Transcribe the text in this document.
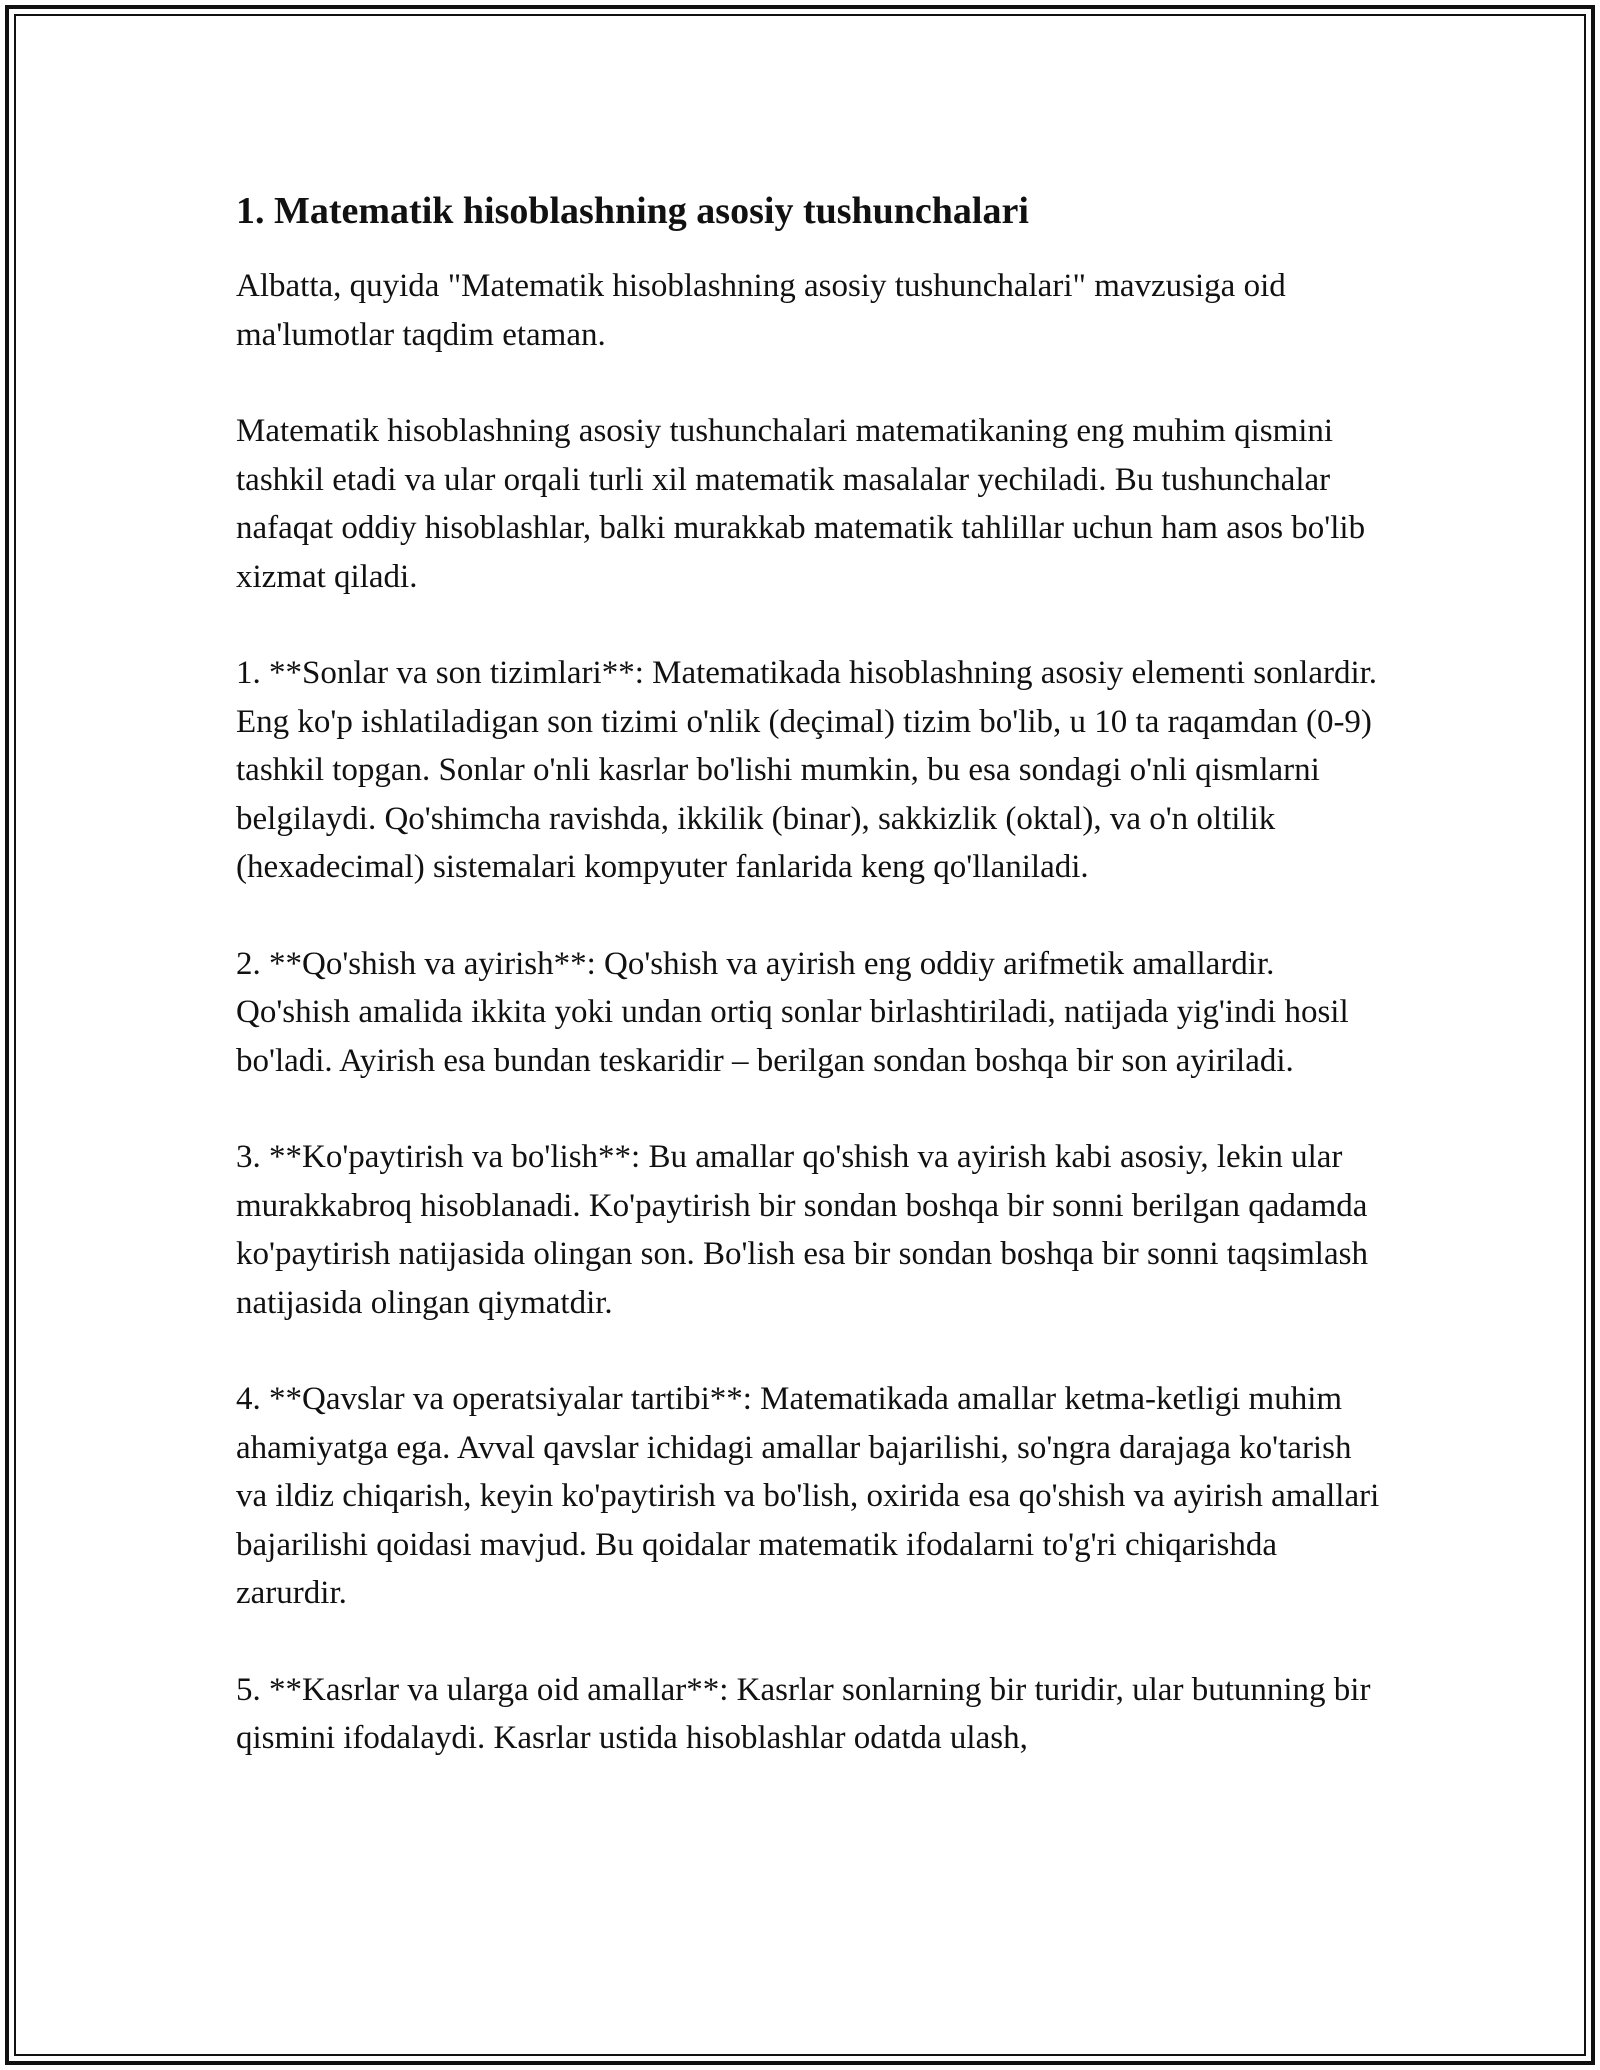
1. Matematik hisoblashning asosiy tushunchalari

Albatta, quyida "Matematik hisoblashning asosiy tushunchalari" mavzusiga oid ma'lumotlar taqdim etaman.

Matematik hisoblashning asosiy tushunchalari matematikaning eng muhim qismini tashkil etadi va ular orqali turli xil matematik masalalar yechiladi. Bu tushunchalar nafaqat oddiy hisoblashlar, balki murakkab matematik tahlillar uchun ham asos bo'lib xizmat qiladi.

1. **Sonlar va son tizimlari**: Matematikada hisoblashning asosiy elementi sonlardir. Eng ko'p ishlatiladigan son tizimi o'nlik (deçimal) tizim bo'lib, u 10 ta raqamdan (0-9) tashkil topgan. Sonlar o'nli kasrlar bo'lishi mumkin, bu esa sondagi o'nli qismlarni belgilaydi. Qo'shimcha ravishda, ikkilik (binar), sakkizlik (oktal), va o'n oltilik (hexadecimal) sistemalari kompyuter fanlarida keng qo'llaniladi.

2. **Qo'shish va ayirish**: Qo'shish va ayirish eng oddiy arifmetik amallardir. Qo'shish amalida ikkita yoki undan ortiq sonlar birlashtiriladi, natijada yig'indi hosil bo'ladi. Ayirish esa bundan teskaridir – berilgan sondan boshqa bir son ayiriladi.

3. **Ko'paytirish va bo'lish**: Bu amallar qo'shish va ayirish kabi asosiy, lekin ular murakkabroq hisoblanadi. Ko'paytirish bir sondan boshqa bir sonni berilgan qadamda ko'paytirish natijasida olingan son. Bo'lish esa bir sondan boshqa bir sonni taqsimlash natijasida olingan qiymatdir.

4. **Qavslar va operatsiyalar tartibi**: Matematikada amallar ketma-ketligi muhim ahamiyatga ega. Avval qavslar ichidagi amallar bajarilishi, so'ngra darajaga ko'tarish va ildiz chiqarish, keyin ko'paytirish va bo'lish, oxirida esa qo'shish va ayirish amallari bajarilishi qoidasi mavjud. Bu qoidalar matematik ifodalarni to'g'ri chiqarishda zarurdir.

5. **Kasrlar va ularga oid amallar**: Kasrlar sonlarning bir turidir, ular butunning bir qismini ifodalaydi. Kasrlar ustida hisoblashlar odatda ulash,
